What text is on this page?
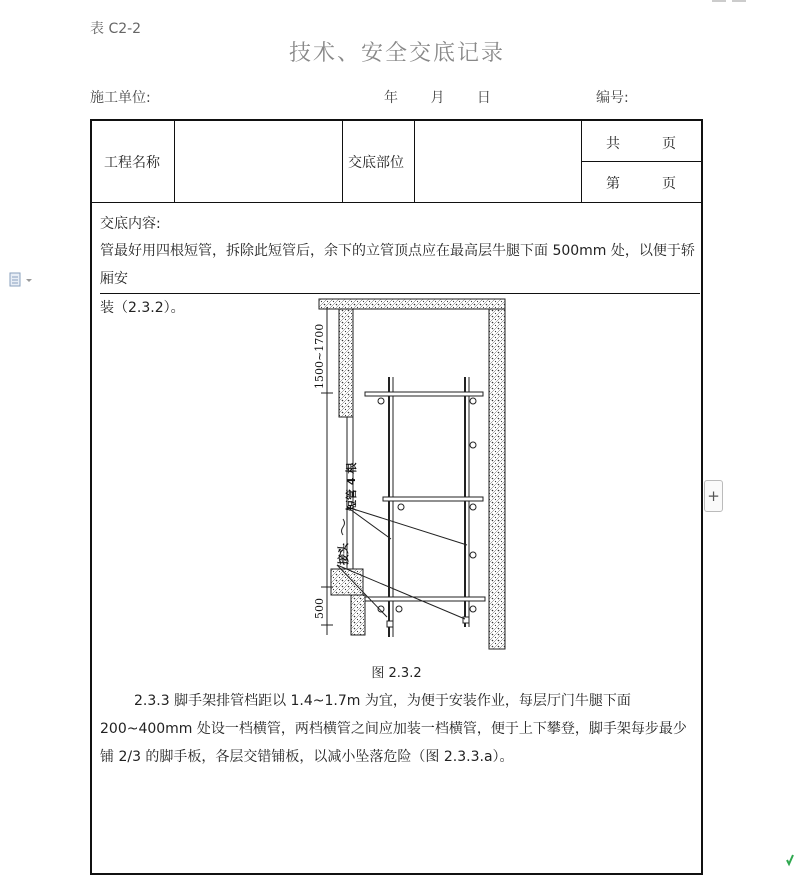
+
表 C2-2
技术、安全交底记录
施工单位:	年 月 日	编号:
工程名称	交底部位
共	页
第	页
交底内容:
管最好用四根短管，拆除此短管后，余下的立管顶点应在最高层牛腿下面 500mm 处，以便于轿厢安
装（2.3.2）。
1500~1700
500
短管 4 根
接头
图 2.3.2
2.3.3 脚手架排管档距以 1.4~1.7m 为宜，为便于安装作业，每层厅门牛腿下面 200~400mm 处设一档横管，两档横管之间应加装一档横管，便于上下攀登，脚手架每步最少铺 2/3 的脚手板，各层交错铺板，以减小坠落危险（图 2.3.3.a）。
